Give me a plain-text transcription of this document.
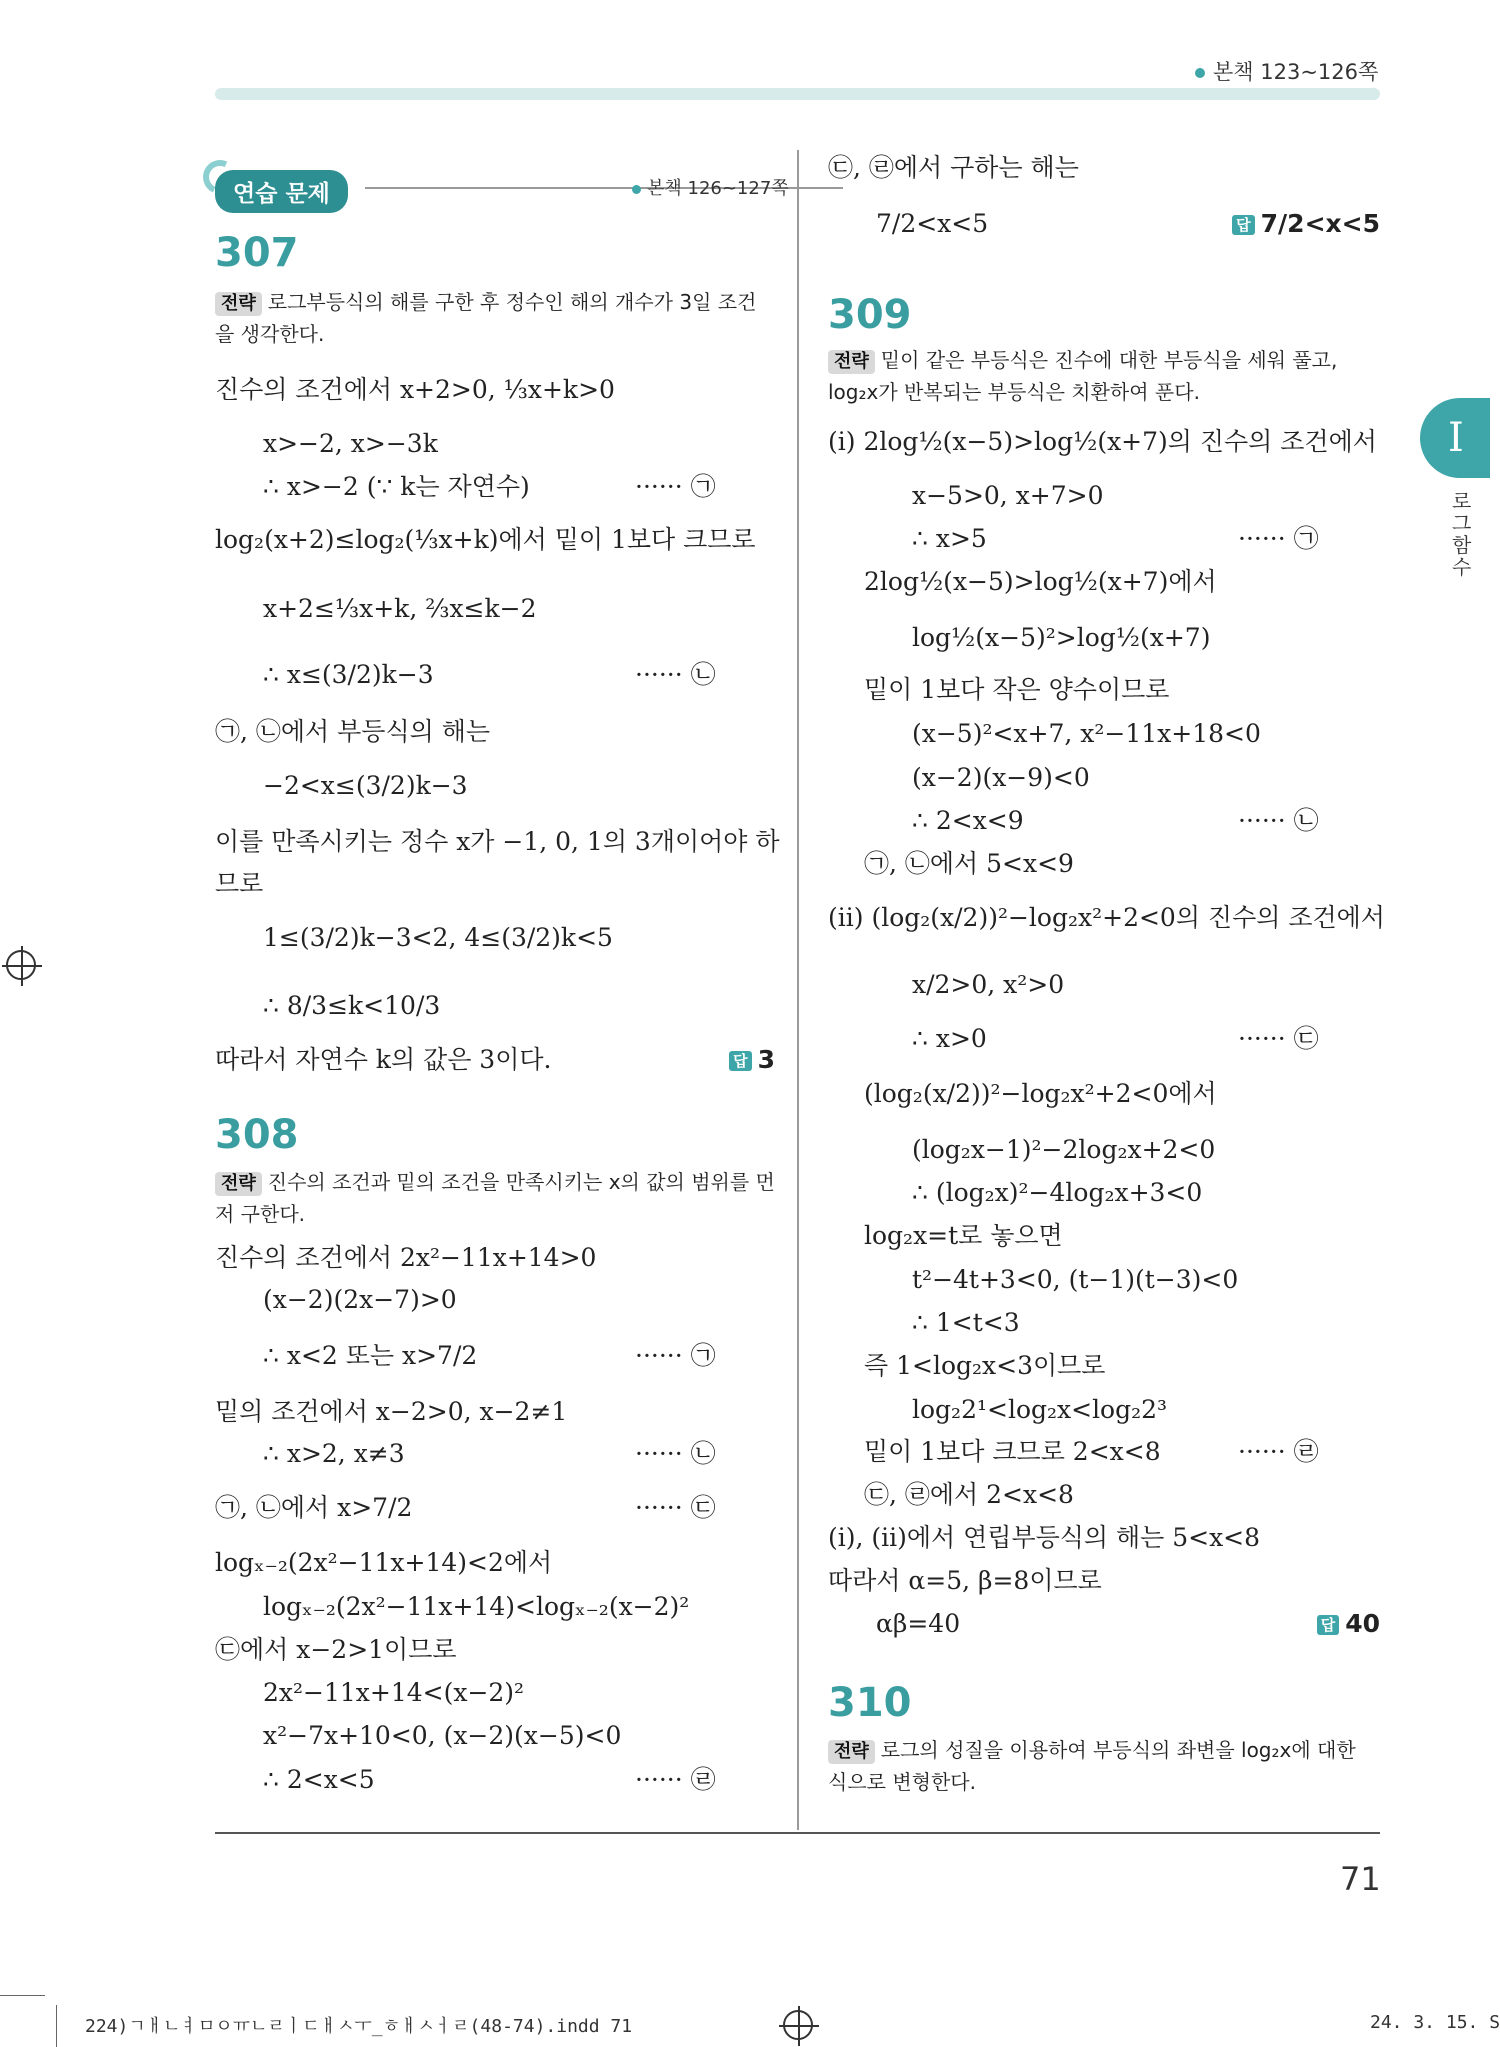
본책 123~126쪽
연습 문제	본책 126~127쪽
307
전략 로그부등식의 해를 구한 후 정수인 해의 개수가 3일 조건을 생각한다.
답 3
308
전략 진수의 조건과 밑의 조건을 만족시키는 x의 값의 범위를 먼저 구한다.
진수의 조건에서 x+2>0, ⅓x+k>0
x>−2, x>−3k
∴ x>−2 (∵ k는 자연수)	······ ㉠
log₂(x+2)≤log₂(⅓x+k)에서 밑이 1보다 크므로
x+2≤⅓x+k, ⅔x≤k−2
∴ x≤(3/2)k−3	······ ㉡
㉠, ㉡에서 부등식의 해는
−2<x≤(3/2)k−3
이를 만족시키는 정수 x가 −1, 0, 1의 3개이어야 하
므로
1≤(3/2)k−3<2, 4≤(3/2)k<5
∴ 8/3≤k<10/3
따라서 자연수 k의 값은 3이다.
진수의 조건에서 2x²−11x+14>0
(x−2)(2x−7)>0
∴ x<2 또는 x>7/2	······ ㉠
밑의 조건에서 x−2>0, x−2≠1
∴ x>2, x≠3	······ ㉡
㉠, ㉡에서 x>7/2	······ ㉢
logₓ₋₂(2x²−11x+14)<2에서
logₓ₋₂(2x²−11x+14)<logₓ₋₂(x−2)²
㉢에서 x−2>1이므로
2x²−11x+14<(x−2)²
x²−7x+10<0, (x−2)(x−5)<0
∴ 2<x<5	······ ㉣
답 7/2<x<5
309
전략 밑이 같은 부등식은 진수에 대한 부등식을 세워 풀고, log₂x가 반복되는 부등식은 치환하여 푼다.
답 40
310
전략 로그의 성질을 이용하여 부등식의 좌변을 log₂x에 대한 식으로 변형한다.
㉢, ㉣에서 구하는 해는
7/2<x<5
(i) 2log½(x−5)>log½(x+7)의 진수의 조건에서
x−5>0, x+7>0
∴ x>5	······ ㉠
2log½(x−5)>log½(x+7)에서
log½(x−5)²>log½(x+7)
밑이 1보다 작은 양수이므로
(x−5)²<x+7, x²−11x+18<0
(x−2)(x−9)<0
∴ 2<x<9	······ ㉡
㉠, ㉡에서 5<x<9
(ii) (log₂(x/2))²−log₂x²+2<0의 진수의 조건에서
x/2>0, x²>0
∴ x>0	······ ㉢
(log₂(x/2))²−log₂x²+2<0에서
(log₂x−1)²−2log₂x+2<0
∴ (log₂x)²−4log₂x+3<0
log₂x=t로 놓으면
t²−4t+3<0, (t−1)(t−3)<0
∴ 1<t<3
즉 1<log₂x<3이므로
log₂2¹<log₂x<log₂2³
밑이 1보다 크므로 2<x<8	······ ㉣
㉢, ㉣에서 2<x<8
(i), (ii)에서 연립부등식의 해는 5<x<8
따라서 α=5, β=8이므로
αβ=40
I
로그함수
71
224)ㄱㅐㄴㅕㅁㅇㅠㄴㄹㅣㄷㅐㅅㅜ_ㅎㅐㅅㅓㄹ(48-74).indd 71	24. 3. 15. S
